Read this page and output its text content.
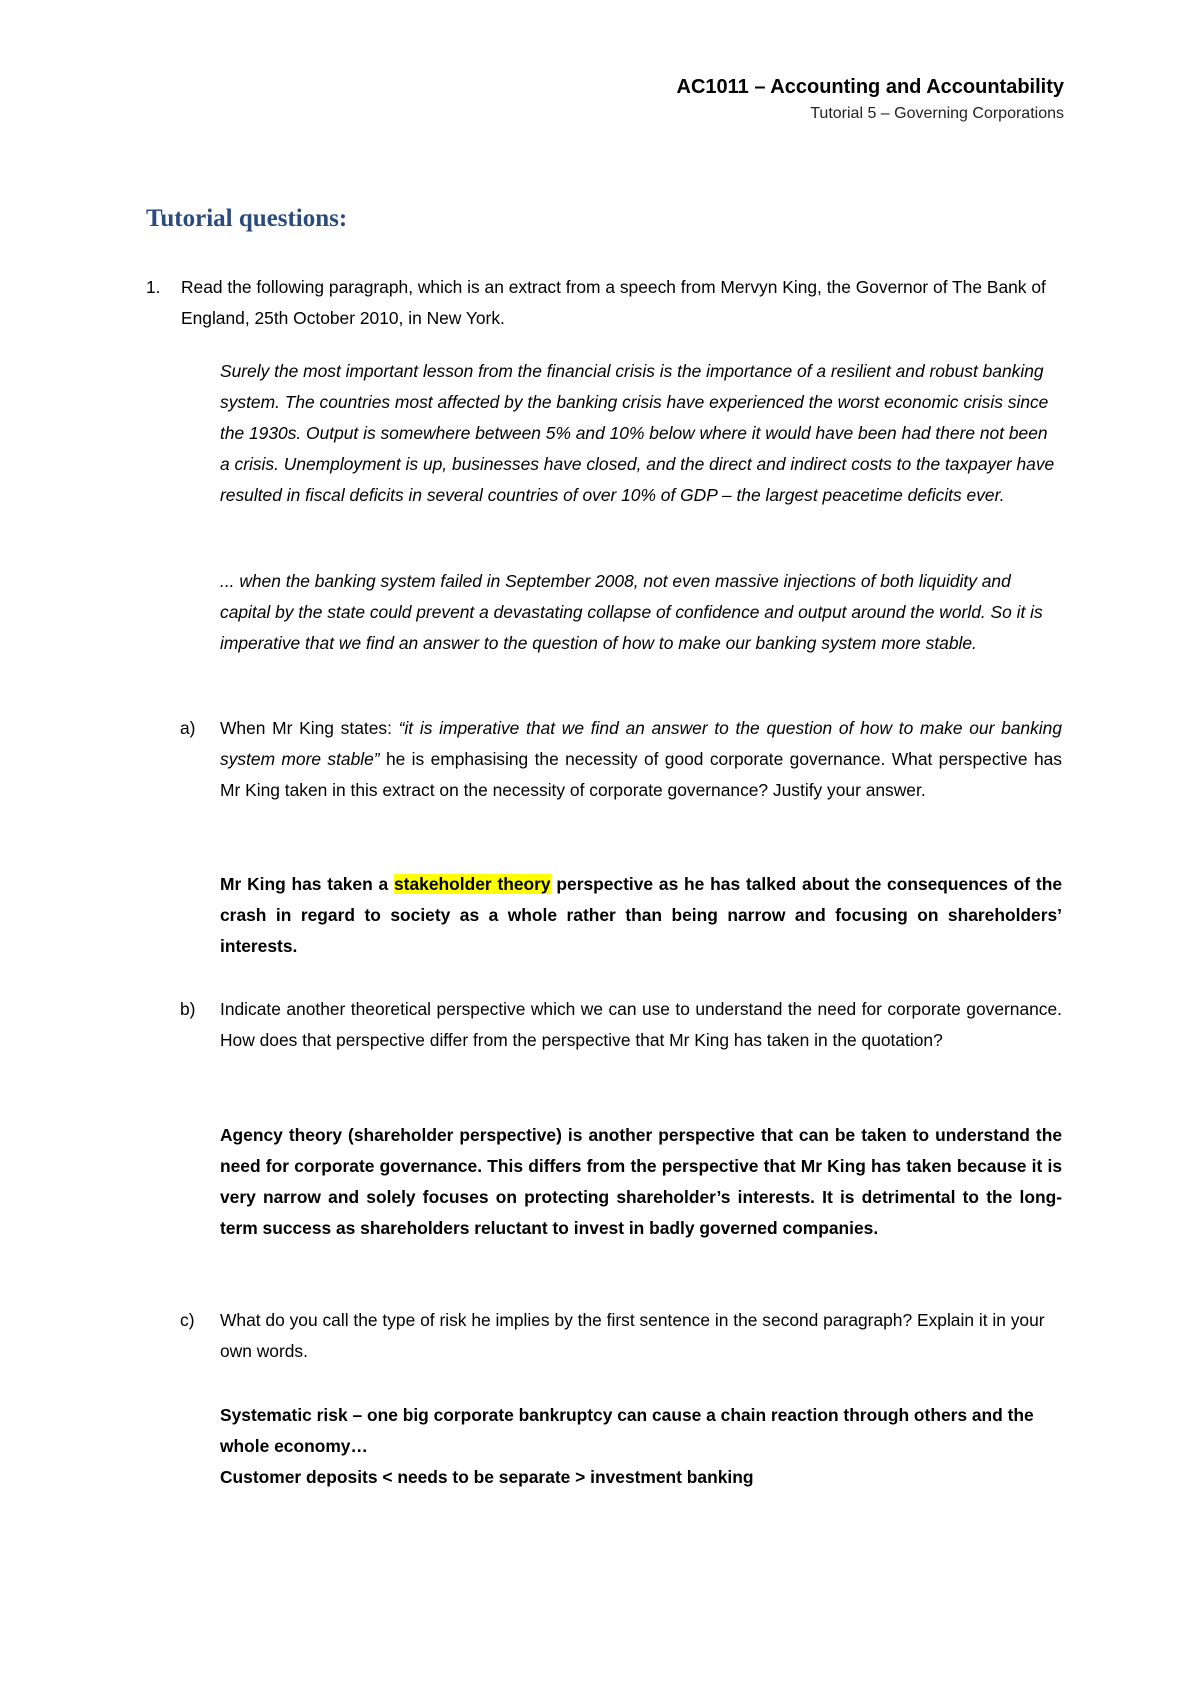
AC1011 – Accounting and Accountability
Tutorial 5 – Governing Corporations
Tutorial questions:
1. Read the following paragraph, which is an extract from a speech from Mervyn King, the Governor of The Bank of England, 25th October 2010, in New York.

Surely the most important lesson from the financial crisis is the importance of a resilient and robust banking system. The countries most affected by the banking crisis have experienced the worst economic crisis since the 1930s. Output is somewhere between 5% and 10% below where it would have been had there not been a crisis. Unemployment is up, businesses have closed, and the direct and indirect costs to the taxpayer have resulted in fiscal deficits in several countries of over 10% of GDP – the largest peacetime deficits ever.

... when the banking system failed in September 2008, not even massive injections of both liquidity and capital by the state could prevent a devastating collapse of confidence and output around the world. So it is imperative that we find an answer to the question of how to make our banking system more stable.

a) When Mr King states: “it is imperative that we find an answer to the question of how to make our banking system more stable” he is emphasising the necessity of good corporate governance. What perspective has Mr King taken in this extract on the necessity of corporate governance? Justify your answer.
Mr King has taken a stakeholder theory perspective as he has talked about the consequences of the crash in regard to society as a whole rather than being narrow and focusing on shareholders’ interests.
b) Indicate another theoretical perspective which we can use to understand the need for corporate governance. How does that perspective differ from the perspective that Mr King has taken in the quotation?
Agency theory (shareholder perspective) is another perspective that can be taken to understand the need for corporate governance. This differs from the perspective that Mr King has taken because it is very narrow and solely focuses on protecting shareholder’s interests. It is detrimental to the long-term success as shareholders reluctant to invest in badly governed companies.
c) What do you call the type of risk he implies by the first sentence in the second paragraph? Explain it in your own words.

Systematic risk – one big corporate bankruptcy can cause a chain reaction through others and the whole economy…

Customer deposits < needs to be separate > investment banking
